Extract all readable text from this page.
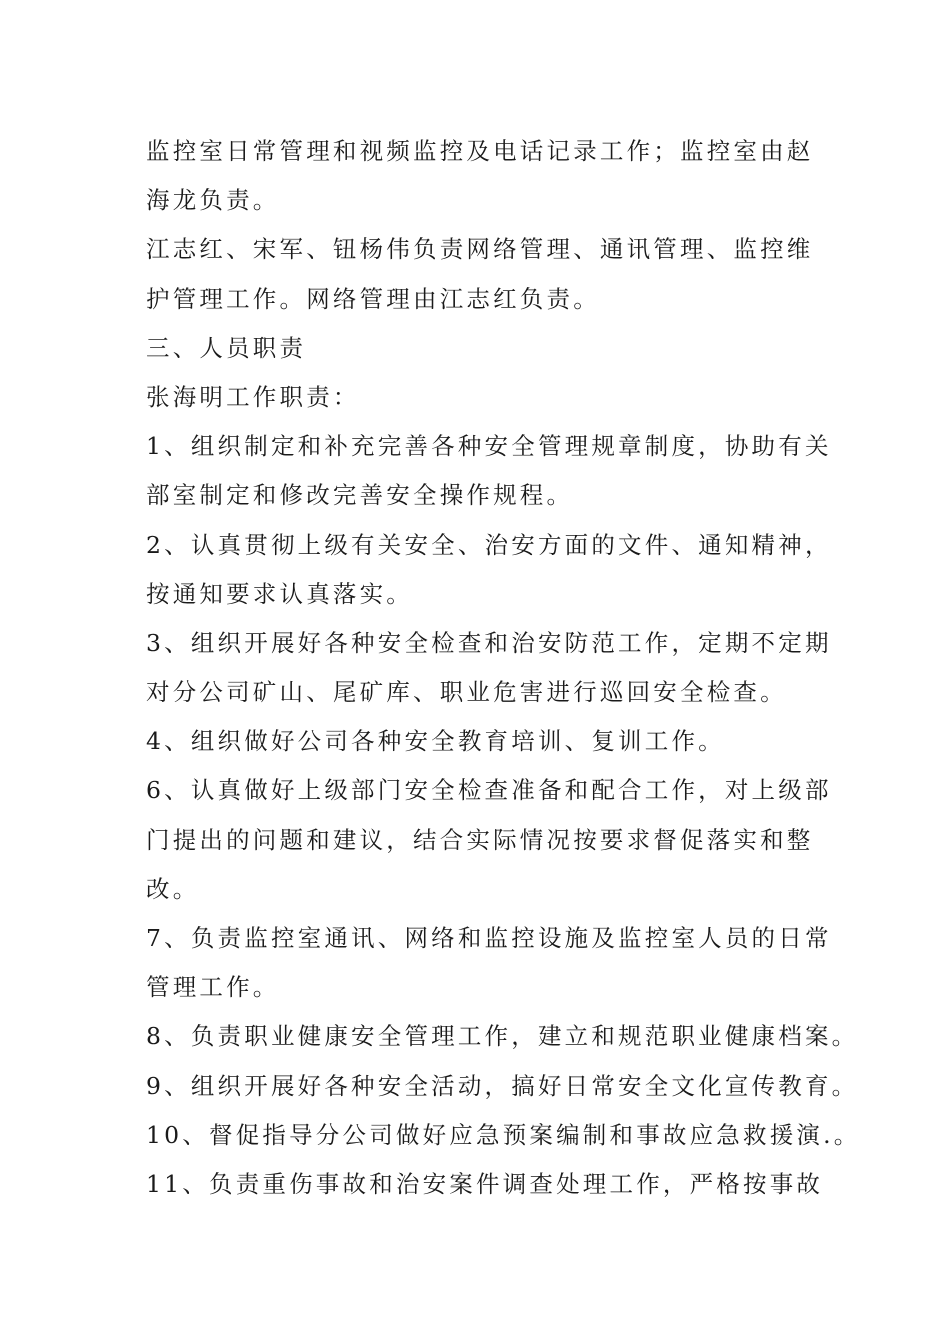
监控室日常管理和视频监控及电话记录工作；监控室由赵
海龙负责。
江志红、宋军、钮杨伟负责网络管理、通讯管理、监控维
护管理工作。网络管理由江志红负责。
三、人员职责
张海明工作职责：
1、组织制定和补充完善各种安全管理规章制度，协助有关
部室制定和修改完善安全操作规程。
2、认真贯彻上级有关安全、治安方面的文件、通知精神，
按通知要求认真落实。
3、组织开展好各种安全检查和治安防范工作，定期不定期
对分公司矿山、尾矿库、职业危害进行巡回安全检查。
4、组织做好公司各种安全教育培训、复训工作。
6、认真做好上级部门安全检查准备和配合工作，对上级部
门提出的问题和建议，结合实际情况按要求督促落实和整
改。
7、负责监控室通讯、网络和监控设施及监控室人员的日常
管理工作。
8、负责职业健康安全管理工作，建立和规范职业健康档案。
9、组织开展好各种安全活动，搞好日常安全文化宣传教育。
10、督促指导分公司做好应急预案编制和事故应急救援演.。
11、负责重伤事故和治安案件调查处理工作，严格按事故
